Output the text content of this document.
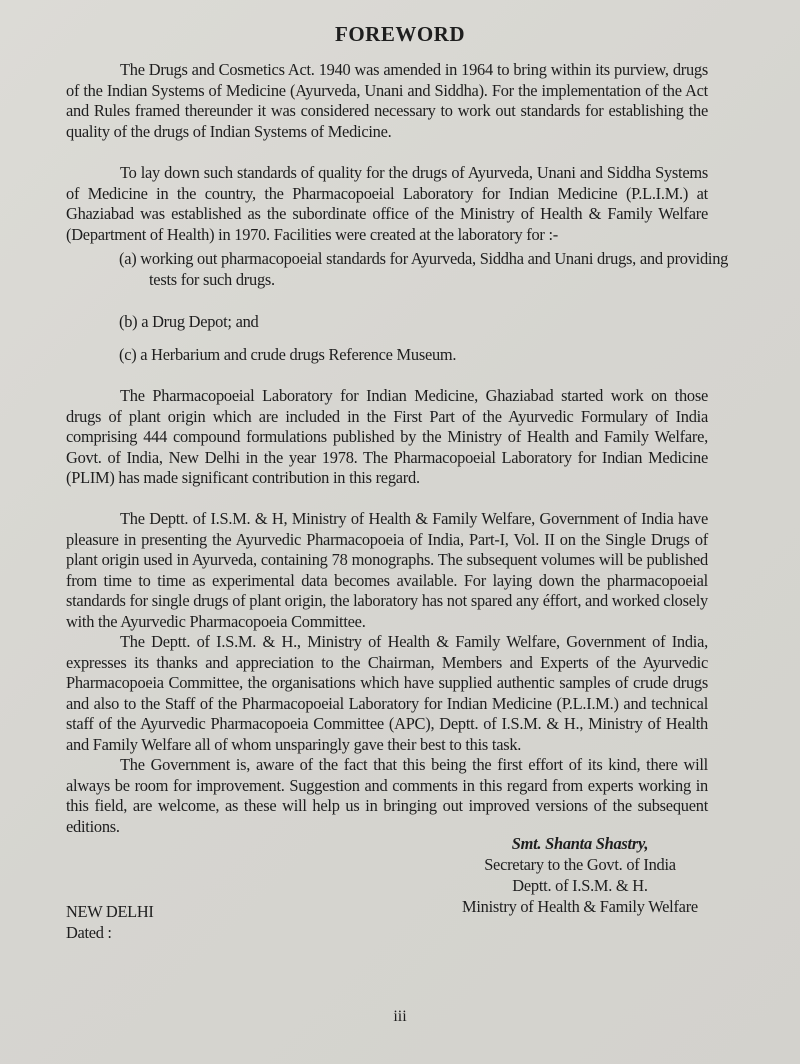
FOREWORD

The Drugs and Cosmetics Act. 1940 was amended in 1964 to bring within its purview, drugs of the Indian Systems of Medicine (Ayurveda, Unani and Siddha). For the implementation of the Act and Rules framed thereunder it was considered necessary to work out standards for establishing the quality of the drugs of Indian Systems of Medicine.

To lay down such standards of quality for the drugs of Ayurveda, Unani and Siddha Systems of Medicine in the country, the Pharmacopoeial Laboratory for Indian Medicine (P.L.I.M.) at Ghaziabad was established as the subordinate office of the Ministry of Health & Family Welfare (Department of Health) in 1970. Facilities were created at the laboratory for :-

(a) working out pharmacopoeial standards for Ayurveda, Siddha and Unani drugs, and providing tests for such drugs.
(b) a Drug Depot; and
(c) a Herbarium and crude drugs Reference Museum.

The Pharmacopoeial Laboratory for Indian Medicine, Ghaziabad started work on those drugs of plant origin which are included in the First Part of the Ayurvedic Formulary of India comprising 444 compound formulations published by the Ministry of Health and Family Welfare, Govt. of India, New Delhi in the year 1978. The Pharmacopoeial Laboratory for Indian Medicine (PLIM) has made significant contribution in this regard.

The Deptt. of I.S.M. & H, Ministry of Health & Family Welfare, Government of India have pleasure in presenting the Ayurvedic Pharmacopoeia of India, Part-I, Vol. II on the Single Drugs of plant origin used in Ayurveda, containing 78 monographs. The subsequent volumes will be published from time to time as experimental data becomes available. For laying down the pharmacopoeial standards for single drugs of plant origin, the laboratory has not spared any éffort, and worked closely with the Ayurvedic Pharmacopoeia Committee.

The Deptt. of I.S.M. & H., Ministry of Health & Family Welfare, Government of India, expresses its thanks and appreciation to the Chairman, Members and Experts of the Ayurvedic Pharmacopoeia Committee, the organisations which have supplied authentic samples of crude drugs and also to the Staff of the Pharmacopoeial Laboratory for Indian Medicine (P.L.I.M.) and technical staff of the Ayurvedic Pharmacopoeia Committee (APC), Deptt. of I.S.M. & H., Ministry of Health and Family Welfare all of whom unsparingly gave their best to this task.

The Government is, aware of the fact that this being the first effort of its kind, there will always be room for improvement. Suggestion and comments in this regard from experts working in this field, are welcome, as these will help us in bringing out improved versions of the subsequent editions.

Smt. Shanta Shastry,
Secretary to the Govt. of India
Deptt. of I.S.M. & H.
Ministry of Health & Family Welfare
NEW DELHI
Dated :
iii
